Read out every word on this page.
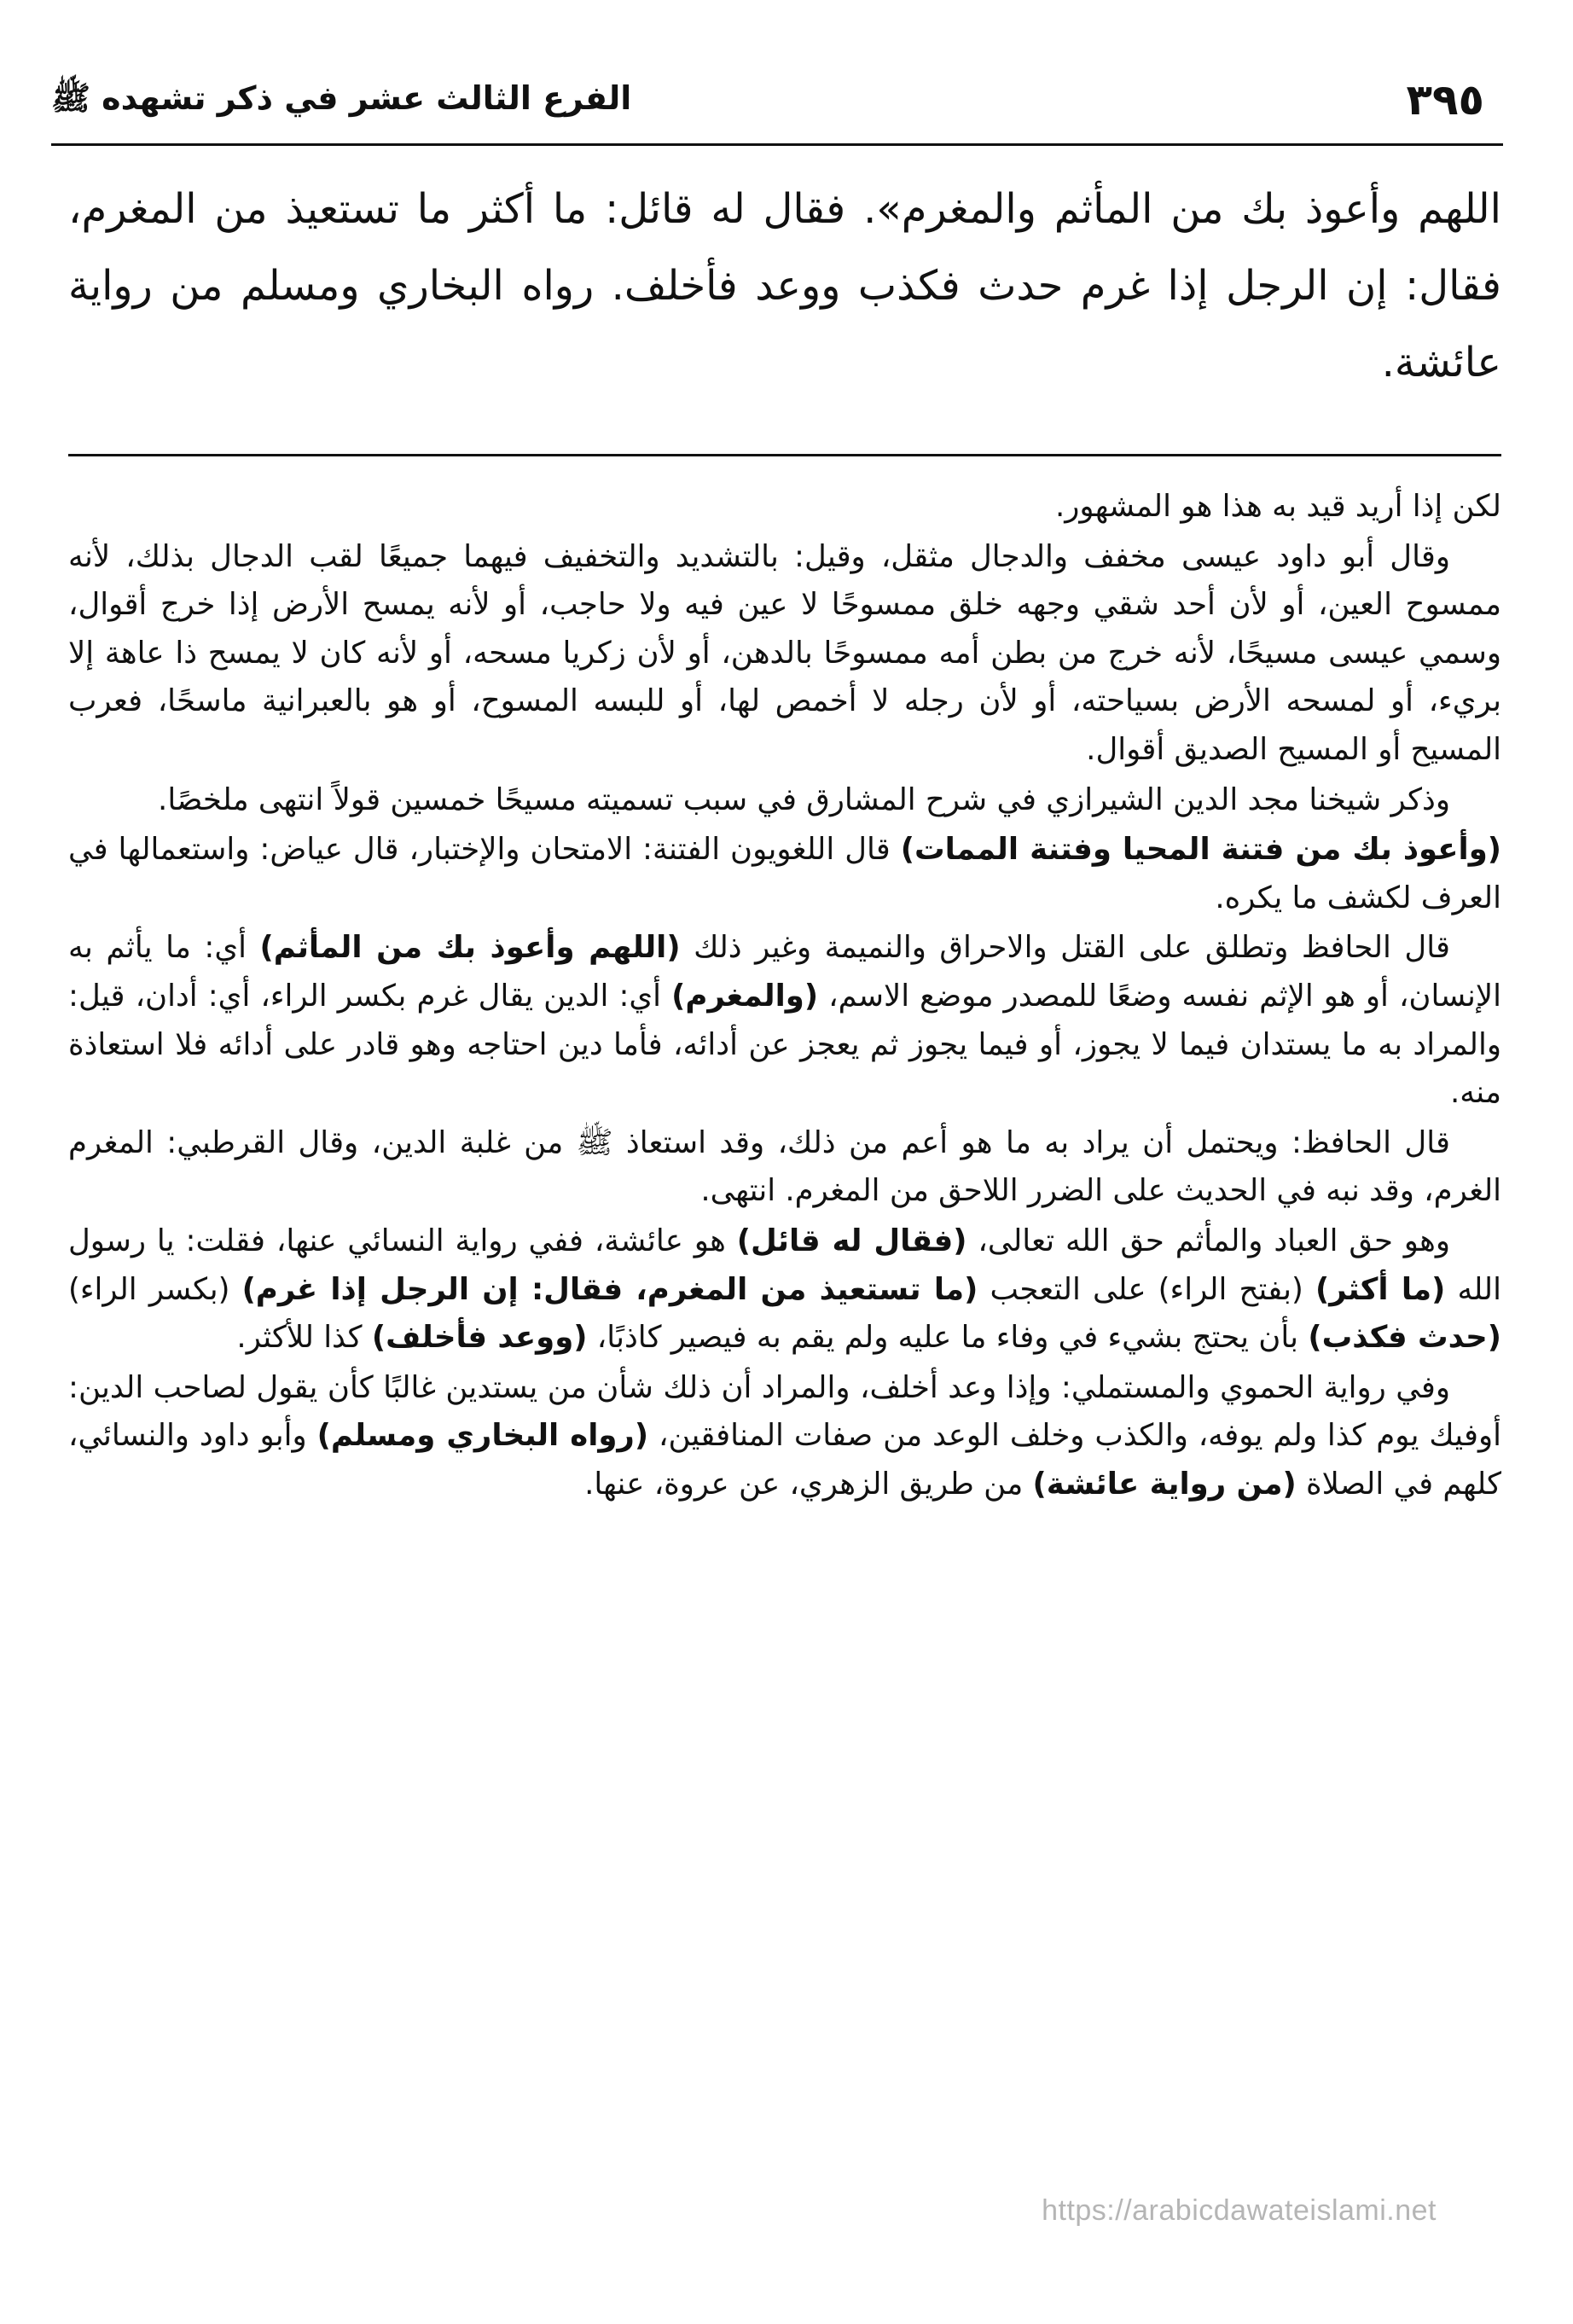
٣٩٥
الفرع الثالث عشر في ذكر تشهده ﷺ

اللهم وأعوذ بك من المأثم والمغرم». فقال له قائل: ما أكثر ما تستعيذ من المغرم، فقال: إن الرجل إذا غرم حدث فكذب ووعد فأخلف. رواه البخاري ومسلم من رواية عائشة.

لكن إذا أريد قيد به هذا هو المشهور.

وقال أبو داود عيسى مخفف والدجال مثقل، وقيل: بالتشديد والتخفيف فيهما جميعًا لقب الدجال بذلك، لأنه ممسوح العين، أو لأن أحد شقي وجهه خلق ممسوحًا لا عين فيه ولا حاجب، أو لأنه يمسح الأرض إذا خرج أقوال، وسمي عيسى مسيحًا، لأنه خرج من بطن أمه ممسوحًا بالدهن، أو لأن زكريا مسحه، أو لأنه كان لا يمسح ذا عاهة إلا بريء، أو لمسحه الأرض بسياحته، أو لأن رجله لا أخمص لها، أو للبسه المسوح، أو هو بالعبرانية ماسحًا، فعرب المسيح أو المسيح الصديق أقوال.

وذكر شيخنا مجد الدين الشيرازي في شرح المشارق في سبب تسميته مسيحًا خمسين قولاً انتهى ملخصًا.

(وأعوذ بك من فتنة المحيا وفتنة الممات) قال اللغويون الفتنة: الامتحان والإختبار، قال عياض: واستعمالها في العرف لكشف ما يكره.

قال الحافظ وتطلق على القتل والاحراق والنميمة وغير ذلك (اللهم وأعوذ بك من المأثم) أي: ما يأثم به الإنسان، أو هو الإثم نفسه وضعًا للمصدر موضع الاسم، (والمغرم) أي: الدين يقال غرم بكسر الراء، أي: أدان، قيل: والمراد به ما يستدان فيما لا يجوز، أو فيما يجوز ثم يعجز عن أدائه، فأما دين احتاجه وهو قادر على أدائه فلا استعاذة منه.

قال الحافظ: ويحتمل أن يراد به ما هو أعم من ذلك، وقد استعاذ ﷺ من غلبة الدين، وقال القرطبي: المغرم الغرم، وقد نبه في الحديث على الضرر اللاحق من المغرم. انتهى.

وهو حق العباد والمأثم حق الله تعالى، (فقال له قائل) هو عائشة، ففي رواية النسائي عنها، فقلت: يا رسول الله (ما أكثر) (بفتح الراء) على التعجب (ما تستعيذ من المغرم، فقال: إن الرجل إذا غرم) (بكسر الراء) (حدث فكذب) بأن يحتج بشيء في وفاء ما عليه ولم يقم به فيصير كاذبًا، (ووعد فأخلف) كذا للأكثر.

وفي رواية الحموي والمستملي: وإذا وعد أخلف، والمراد أن ذلك شأن من يستدين غالبًا كأن يقول لصاحب الدين: أوفيك يوم كذا ولم يوفه، والكذب وخلف الوعد من صفات المنافقين، (رواه البخاري ومسلم) وأبو داود والنسائي، كلهم في الصلاة (من رواية عائشة) من طريق الزهري، عن عروة، عنها.

https://arabicdawateislami.net
